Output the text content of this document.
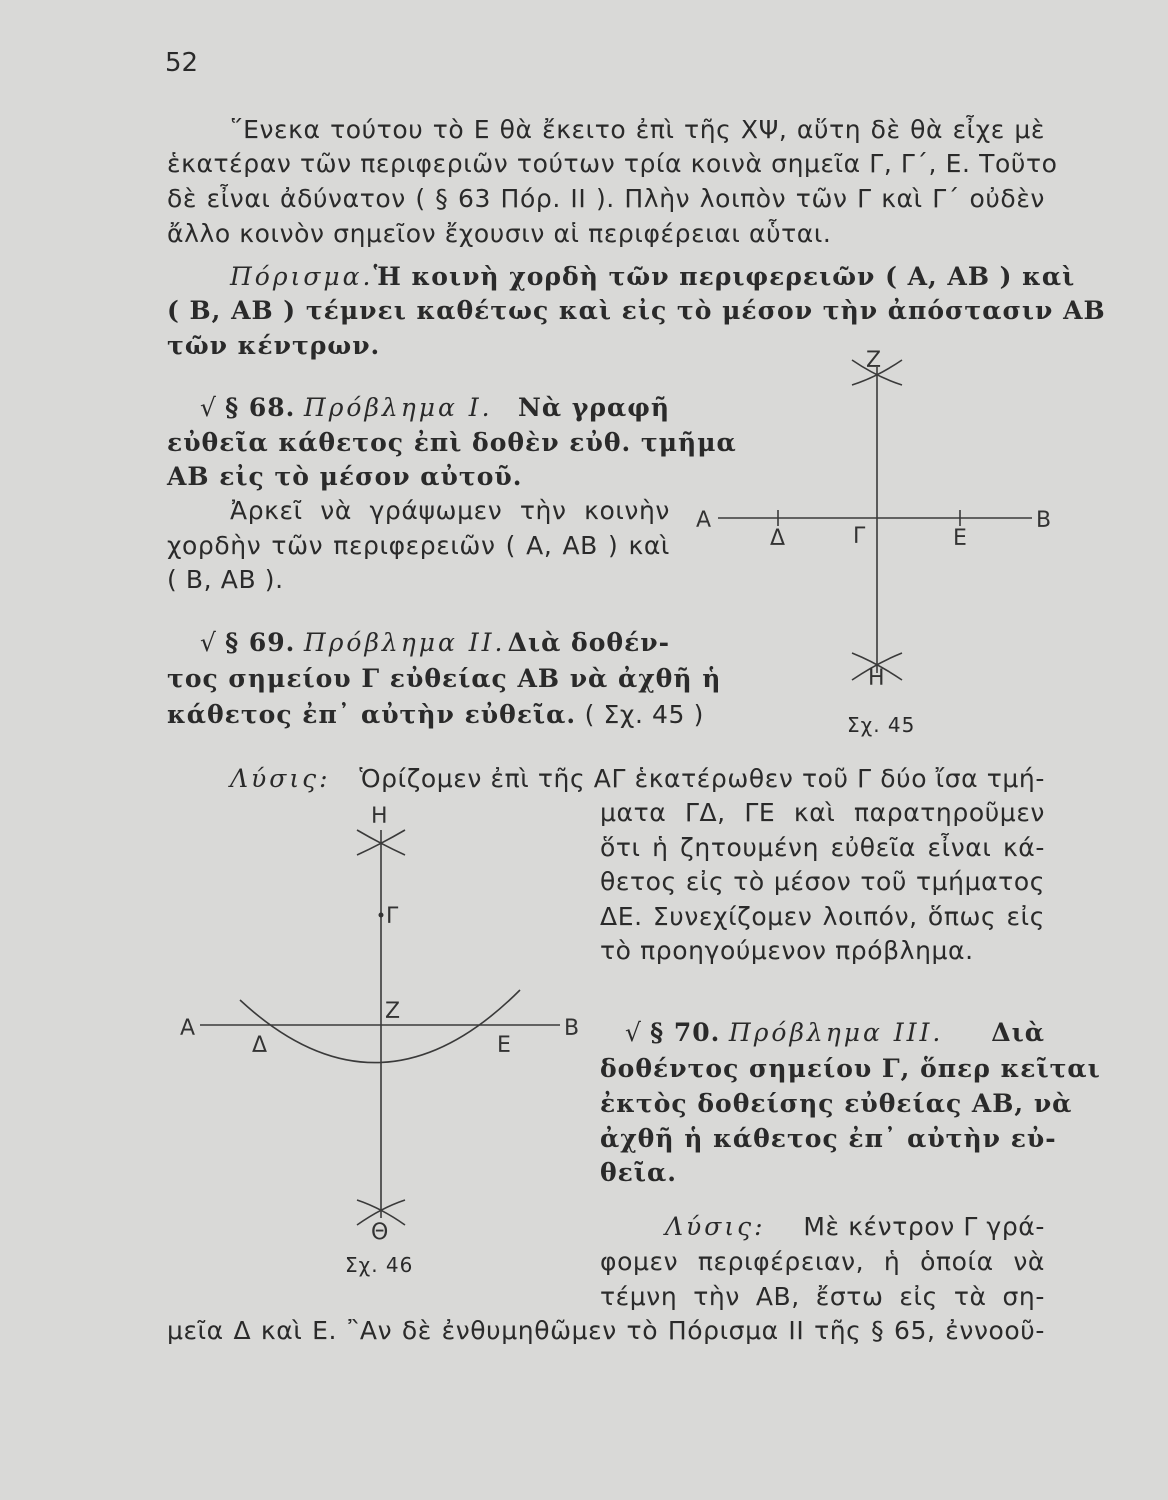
52
῞Ενεκα τούτου τὸ Ε θὰ ἔκειτο ἐπὶ τῆς ΧΨ, αὕτη δὲ θὰ εἶχε μὲ
ἑκατέραν τῶν περιφεριῶν τούτων τρία κοινὰ σημεῖα Γ, Γ΄, Ε. Τοῦτο
δὲ εἶναι ἀδύνατον ( § 63 Πόρ. ΙΙ ). Πλὴν λοιπὸν τῶν Γ καὶ Γ΄ οὐδὲν
ἄλλο κοινὸν σημεῖον ἔχουσιν αἱ περιφέρειαι αὗται.
Πόρισμα. Ἡ κοινὴ χορδὴ τῶν περιφερειῶν ( Α, ΑΒ ) καὶ
( Β, ΑΒ ) τέμνει καθέτως καὶ εἰς τὸ μέσον τὴν ἀπόστασιν ΑΒ
τῶν κέντρων.
√ § 68. Πρόβλημα Ι. Νὰ γραφῆ
εὐθεῖα κάθετος ἐπὶ δοθὲν εὐθ. τμῆμα
ΑΒ εἰς τὸ μέσον αὐτοῦ.
Ἀρκεῖ νὰ γράψωμεν τὴν κοινὴν
χορδὴν τῶν περιφερειῶν ( Α, ΑΒ ) καὶ
( Β, ΑΒ ).
√ § 69. Πρόβλημα ΙΙ. Διὰ δοθέν-
τος σημείου Γ εὐθείας ΑΒ νὰ ἀχθῆ ἡ
κάθετος ἐπ᾽ αὐτὴν εὐθεῖα. ( Σχ. 45 )
Ζ
Α	Β
Δ	Γ	Ε
Η
Σχ. 45
Λύσις: Ὁρίζομεν ἐπὶ τῆς ΑΓ ἑκατέρωθεν τοῦ Γ δύο ἴσα τμή-
ματα ΓΔ, ΓΕ καὶ παρατηροῦμεν
ὅτι ἡ ζητουμένη εὐθεῖα εἶναι κά-
θετος εἰς τὸ μέσον τοῦ τμήματος
ΔΕ. Συνεχίζομεν λοιπόν, ὅπως εἰς
τὸ προηγούμενον πρόβλημα.
Η
Γ
Ζ
Α	Β
Δ	Ε
Θ
Σχ. 46
√ § 70. Πρόβλημα ΙΙΙ. Διὰ
δοθέντος σημείου Γ, ὅπερ κεῖται
ἐκτὸς δοθείσης εὐθείας ΑΒ, νὰ
ἀχθῆ ἡ κάθετος ἐπ᾽ αὐτὴν εὐ-
θεῖα.
Λύσις: Μὲ κέντρον Γ γρά-
φομεν περιφέρειαν, ἡ ὁποία νὰ
τέμνη τὴν ΑΒ, ἔστω εἰς τὰ ση-
μεῖα Δ καὶ Ε. ῍Αν δὲ ἐνθυμηθῶμεν τὸ Πόρισμα ΙΙ τῆς § 65, ἐννοοῦ-
